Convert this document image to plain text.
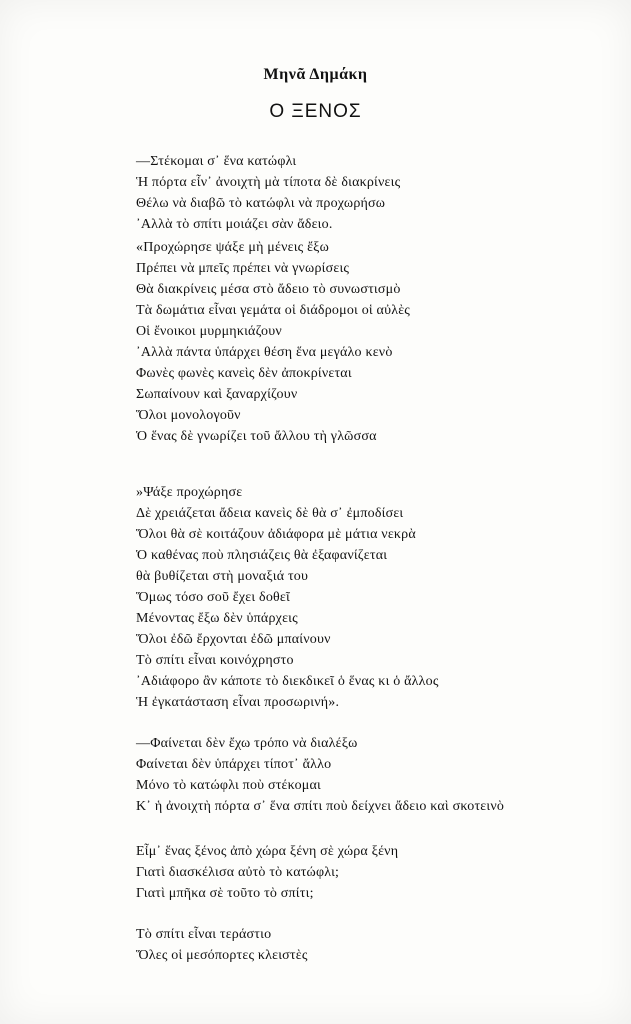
Μηνᾶ Δημάκη
Ο ΞΕΝΟΣ
—Στέκομαι σ᾿ ἕνα κατώφλι
Ἡ πόρτα εἶν᾿ ἀνοιχτὴ μὰ τίποτα δὲ διακρίνεις
Θέλω νὰ διαβῶ τὸ κατώφλι νὰ προχωρήσω
᾿Αλλὰ τὸ σπίτι μοιάζει σὰν ἄδειο.
«Προχώρησε ψάξε μὴ μένεις ἔξω
Πρέπει νὰ μπεῖς πρέπει νὰ γνωρίσεις
Θὰ διακρίνεις μέσα στὸ ἄδειο τὸ συνωστισμὸ
Τὰ δωμάτια εἶναι γεμάτα οἱ διάδρομοι οἱ αὐλὲς
Οἱ ἔνοικοι μυρμηκιάζουν
᾿Αλλὰ πάντα ὑπάρχει θέση ἕνα μεγάλο κενὸ
Φωνὲς φωνὲς κανεὶς δὲν ἀποκρίνεται
Σωπαίνουν καὶ ξαναρχίζουν
Ὅλοι μονολογοῦν
Ὁ ἕνας δὲ γνωρίζει τοῦ ἄλλου τὴ γλῶσσα
»Ψάξε προχώρησε
Δὲ χρειάζεται ἄδεια κανεὶς δὲ θὰ σ᾿ ἐμποδίσει
Ὅλοι θὰ σὲ κοιτάζουν ἀδιάφορα μὲ μάτια νεκρὰ
Ὁ καθένας ποὺ πλησιάζεις θὰ ἐξαφανίζεται
θὰ βυθίζεται στὴ μοναξιά του
Ὅμως τόσο σοῦ ἔχει δοθεῖ
Μένοντας ἔξω δὲν ὑπάρχεις
Ὅλοι ἐδῶ ἔρχονται ἐδῶ μπαίνουν
Τὸ σπίτι εἶναι κοινόχρηστο
᾿Αδιάφορο ἂν κάποτε τὸ διεκδικεῖ ὁ ἕνας κι ὁ ἄλλος
Ἡ ἐγκατάσταση εἶναι προσωρινή».
—Φαίνεται δὲν ἔχω τρόπο νὰ διαλέξω
Φαίνεται δὲν ὑπάρχει τίποτ᾿ ἄλλο
Μόνο τὸ κατώφλι ποὺ στέκομαι
Κ᾿ ἡ ἀνοιχτὴ πόρτα σ᾿ ἕνα σπίτι ποὺ δείχνει ἄδειο καὶ σκοτεινὸ
Εἶμ᾿ ἕνας ξένος ἀπὸ χώρα ξένη σὲ χώρα ξένη
Γιατὶ διασκέλισα αὐτὸ τὸ κατώφλι;
Γιατὶ μπῆκα σὲ τοῦτο τὸ σπίτι;
Τὸ σπίτι εἶναι τεράστιο
Ὅλες οἱ μεσόπορτες κλειστὲς
